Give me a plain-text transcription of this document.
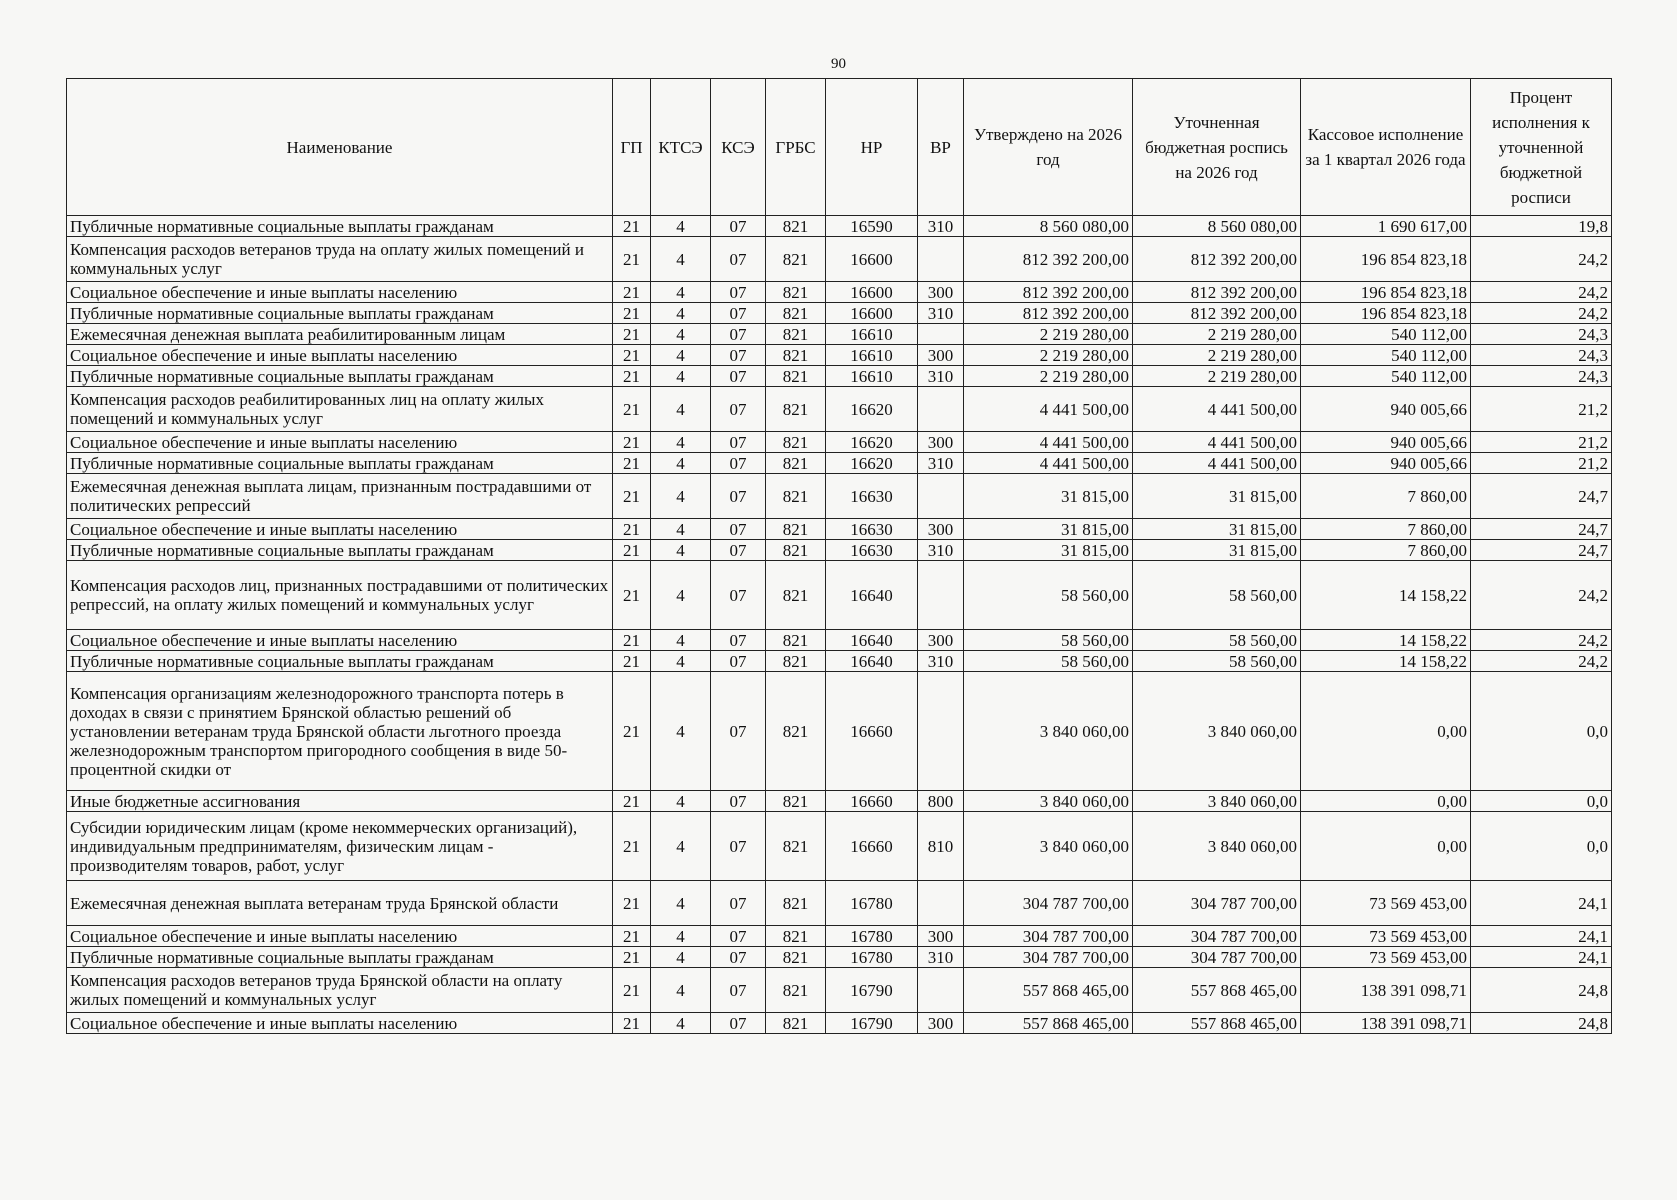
90
Наименование	ГП	КТСЭ	КСЭ	ГРБС	НР	ВР	Утверждено на 2026 год	Уточненная бюджетная роспись на 2026 год	Кассовое исполнение за 1 квартал 2026 года	Процент исполнения к уточненной бюджетной росписи
Публичные нормативные социальные выплаты гражданам	21	4	07	821	16590	310	8 560 080,00	8 560 080,00	1 690 617,00	19,8
Компенсация расходов ветеранов труда на оплату жилых помещений и коммунальных услуг	21	4	07	821	16600		812 392 200,00	812 392 200,00	196 854 823,18	24,2
Социальное обеспечение и иные выплаты населению	21	4	07	821	16600	300	812 392 200,00	812 392 200,00	196 854 823,18	24,2
Публичные нормативные социальные выплаты гражданам	21	4	07	821	16600	310	812 392 200,00	812 392 200,00	196 854 823,18	24,2
Ежемесячная денежная выплата реабилитированным лицам	21	4	07	821	16610		2 219 280,00	2 219 280,00	540 112,00	24,3
Социальное обеспечение и иные выплаты населению	21	4	07	821	16610	300	2 219 280,00	2 219 280,00	540 112,00	24,3
Публичные нормативные социальные выплаты гражданам	21	4	07	821	16610	310	2 219 280,00	2 219 280,00	540 112,00	24,3
Компенсация расходов реабилитированных лиц на оплату жилых помещений и коммунальных услуг	21	4	07	821	16620		4 441 500,00	4 441 500,00	940 005,66	21,2
Социальное обеспечение и иные выплаты населению	21	4	07	821	16620	300	4 441 500,00	4 441 500,00	940 005,66	21,2
Публичные нормативные социальные выплаты гражданам	21	4	07	821	16620	310	4 441 500,00	4 441 500,00	940 005,66	21,2
Ежемесячная денежная выплата лицам, признанным пострадавшими от политических репрессий	21	4	07	821	16630		31 815,00	31 815,00	7 860,00	24,7
Социальное обеспечение и иные выплаты населению	21	4	07	821	16630	300	31 815,00	31 815,00	7 860,00	24,7
Публичные нормативные социальные выплаты гражданам	21	4	07	821	16630	310	31 815,00	31 815,00	7 860,00	24,7
Компенсация расходов лиц, признанных пострадавшими от политических репрессий, на оплату жилых помещений и коммунальных услуг	21	4	07	821	16640		58 560,00	58 560,00	14 158,22	24,2
Социальное обеспечение и иные выплаты населению	21	4	07	821	16640	300	58 560,00	58 560,00	14 158,22	24,2
Публичные нормативные социальные выплаты гражданам	21	4	07	821	16640	310	58 560,00	58 560,00	14 158,22	24,2
Компенсация организациям железнодорожного транспорта потерь в доходах в связи с принятием Брянской областью решений об установлении ветеранам труда Брянской области льготного проезда железнодорожным транспортом пригородного сообщения в виде 50-процентной скидки от	21	4	07	821	16660		3 840 060,00	3 840 060,00	0,00	0,0
Иные бюджетные ассигнования	21	4	07	821	16660	800	3 840 060,00	3 840 060,00	0,00	0,0
Субсидии юридическим лицам (кроме некоммерческих организаций), индивидуальным предпринимателям, физическим лицам - производителям товаров, работ, услуг	21	4	07	821	16660	810	3 840 060,00	3 840 060,00	0,00	0,0
Ежемесячная денежная выплата ветеранам труда Брянской области	21	4	07	821	16780		304 787 700,00	304 787 700,00	73 569 453,00	24,1
Социальное обеспечение и иные выплаты населению	21	4	07	821	16780	300	304 787 700,00	304 787 700,00	73 569 453,00	24,1
Публичные нормативные социальные выплаты гражданам	21	4	07	821	16780	310	304 787 700,00	304 787 700,00	73 569 453,00	24,1
Компенсация расходов ветеранов труда Брянской области на оплату жилых помещений и коммунальных услуг	21	4	07	821	16790		557 868 465,00	557 868 465,00	138 391 098,71	24,8
Социальное обеспечение и иные выплаты населению	21	4	07	821	16790	300	557 868 465,00	557 868 465,00	138 391 098,71	24,8
